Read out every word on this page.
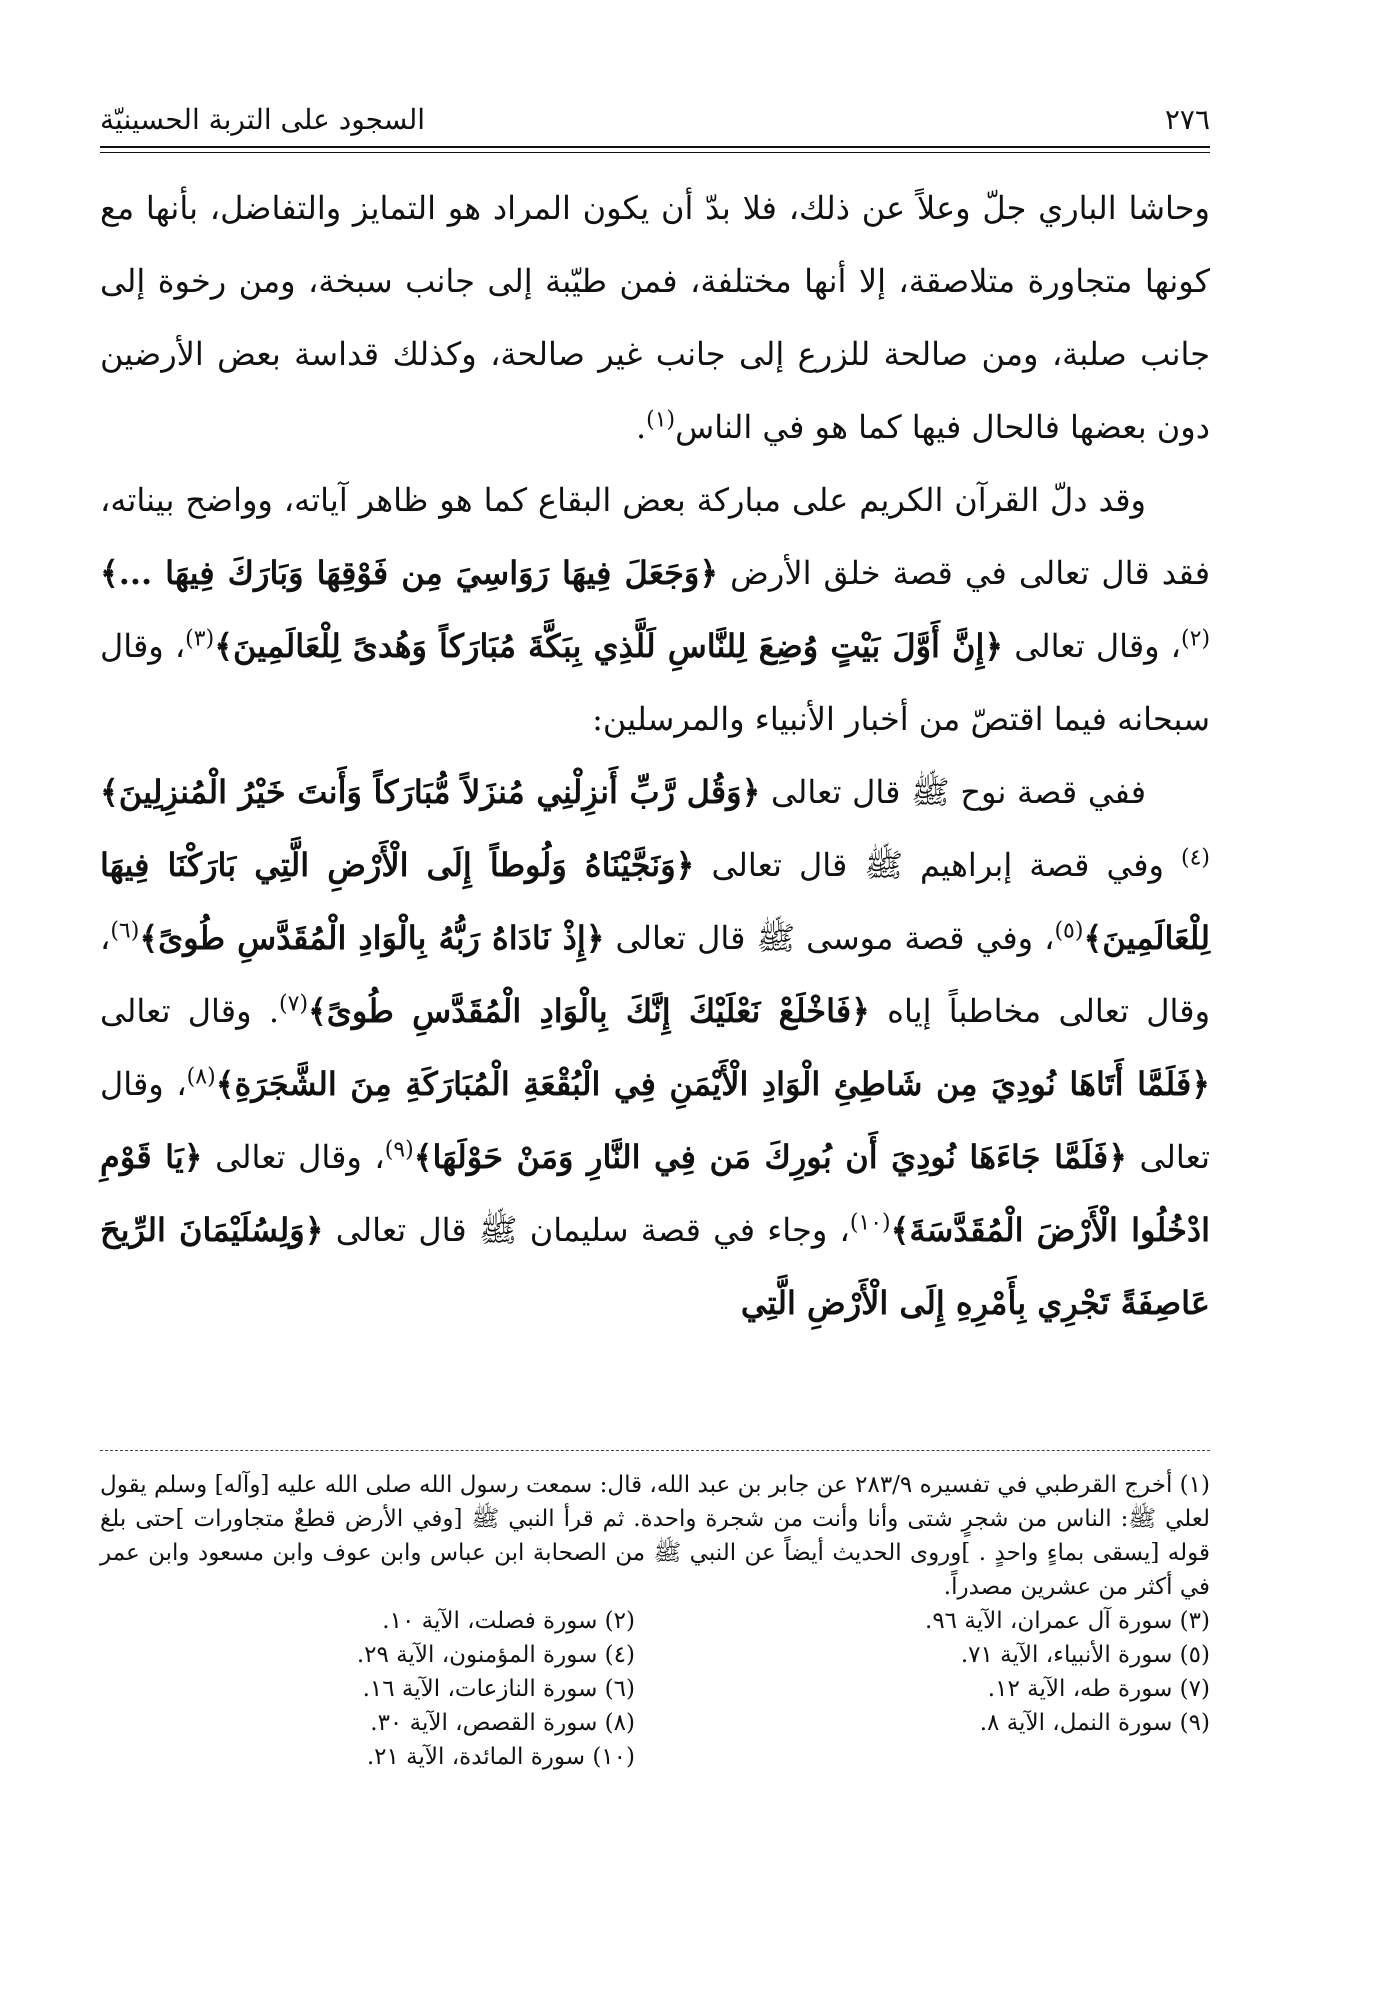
٢٧٦
السجود على التربة الحسينيّة

وحاشا الباري جلّ وعلاً عن ذلك، فلا بدّ أن يكون المراد هو التمايز والتفاضل، بأنها مع كونها متجاورة متلاصقة، إلا أنها مختلفة، فمن طيّبة إلى جانب سبخة، ومن رخوة إلى جانب صلبة، ومن صالحة للزرع إلى جانب غير صالحة، وكذلك قداسة بعض الأرضين دون بعضها فالحال فيها كما هو في الناس$^{(١)}$.

وقد دلّ القرآن الكريم على مباركة بعض البقاع كما هو ظاهر آياته، وواضح بيناته، فقد قال تعالى في قصة خلق الأرض ﴿وَجَعَلَ فِيهَا رَوَاسِيَ مِن فَوْقِهَا وَبَارَكَ فِيهَا ...﴾$^{(٢)}$، وقال تعالى ﴿إِنَّ أَوَّلَ بَيْتٍ وُضِعَ لِلنَّاسِ لَلَّذِي بِبَكَّةَ مُبَارَكاً وَهُدىً لِلْعَالَمِينَ﴾$^{(٣)}$، وقال سبحانه فيما اقتصّ من أخبار الأنبياء والمرسلين:

ففي قصة نوح ﷺ قال تعالى ﴿وَقُل رَّبِّ أَنزِلْنِي مُنزَلاً مُّبَارَكاً وَأَنتَ خَيْرُ الْمُنزِلِينَ﴾$^{(٤)}$ وفي قصة إبراهيم ﷺ قال تعالى ﴿وَنَجَّيْنَاهُ وَلُوطاً إِلَى الْأَرْضِ الَّتِي بَارَكْنَا فِيهَا لِلْعَالَمِينَ﴾$^{(٥)}$، وفي قصة موسى ﷺ قال تعالى ﴿إِذْ نَادَاهُ رَبُّهُ بِالْوَادِ الْمُقَدَّسِ طُوىً﴾$^{(٦)}$، وقال تعالى مخاطباً إياه ﴿فَاخْلَعْ نَعْلَيْكَ إِنَّكَ بِالْوَادِ الْمُقَدَّسِ طُوىً﴾$^{(٧)}$. وقال تعالى ﴿فَلَمَّا أَتَاهَا نُودِيَ مِن شَاطِئِ الْوَادِ الْأَيْمَنِ فِي الْبُقْعَةِ الْمُبَارَكَةِ مِنَ الشَّجَرَةِ﴾$^{(٨)}$، وقال تعالى ﴿فَلَمَّا جَاءَهَا نُودِيَ أَن بُورِكَ مَن فِي النَّارِ وَمَنْ حَوْلَهَا﴾$^{(٩)}$، وقال تعالى ﴿يَا قَوْمِ ادْخُلُوا الْأَرْضَ الْمُقَدَّسَةَ﴾$^{(١٠)}$، وجاء في قصة سليمان ﷺ قال تعالى ﴿وَلِسُلَيْمَانَ الرِّيحَ عَاصِفَةً تَجْرِي بِأَمْرِهِ إِلَى الْأَرْضِ الَّتِي

(١) أخرج القرطبي في تفسيره ٢٨٣/٩ عن جابر بن عبد الله، قال: سمعت رسول الله صلى الله عليه [وآله] وسلم يقول لعلي ﷺ: الناس من شجرٍ شتى وأنا وأنت من شجرة واحدة. ثم قرأ النبي ﷺ [وفي الأرض قطعٌ متجاورات ]حتى بلغ قوله [يسقى بماءٍ واحدٍ . ]وروى الحديث أيضاً عن النبي ﷺ من الصحابة ابن عباس وابن عوف وابن مسعود وابن عمر في أكثر من عشرين مصدراً.

(٣) سورة آل عمران، الآية ٩٦.
(٢) سورة فصلت، الآية ١٠.
(٥) سورة الأنبياء، الآية ٧١.
(٤) سورة المؤمنون، الآية ٢٩.
(٧) سورة طه، الآية ١٢.
(٦) سورة النازعات، الآية ١٦.
(٩) سورة النمل، الآية ٨.
(٨) سورة القصص، الآية ٣٠.
(١٠) سورة المائدة، الآية ٢١.
